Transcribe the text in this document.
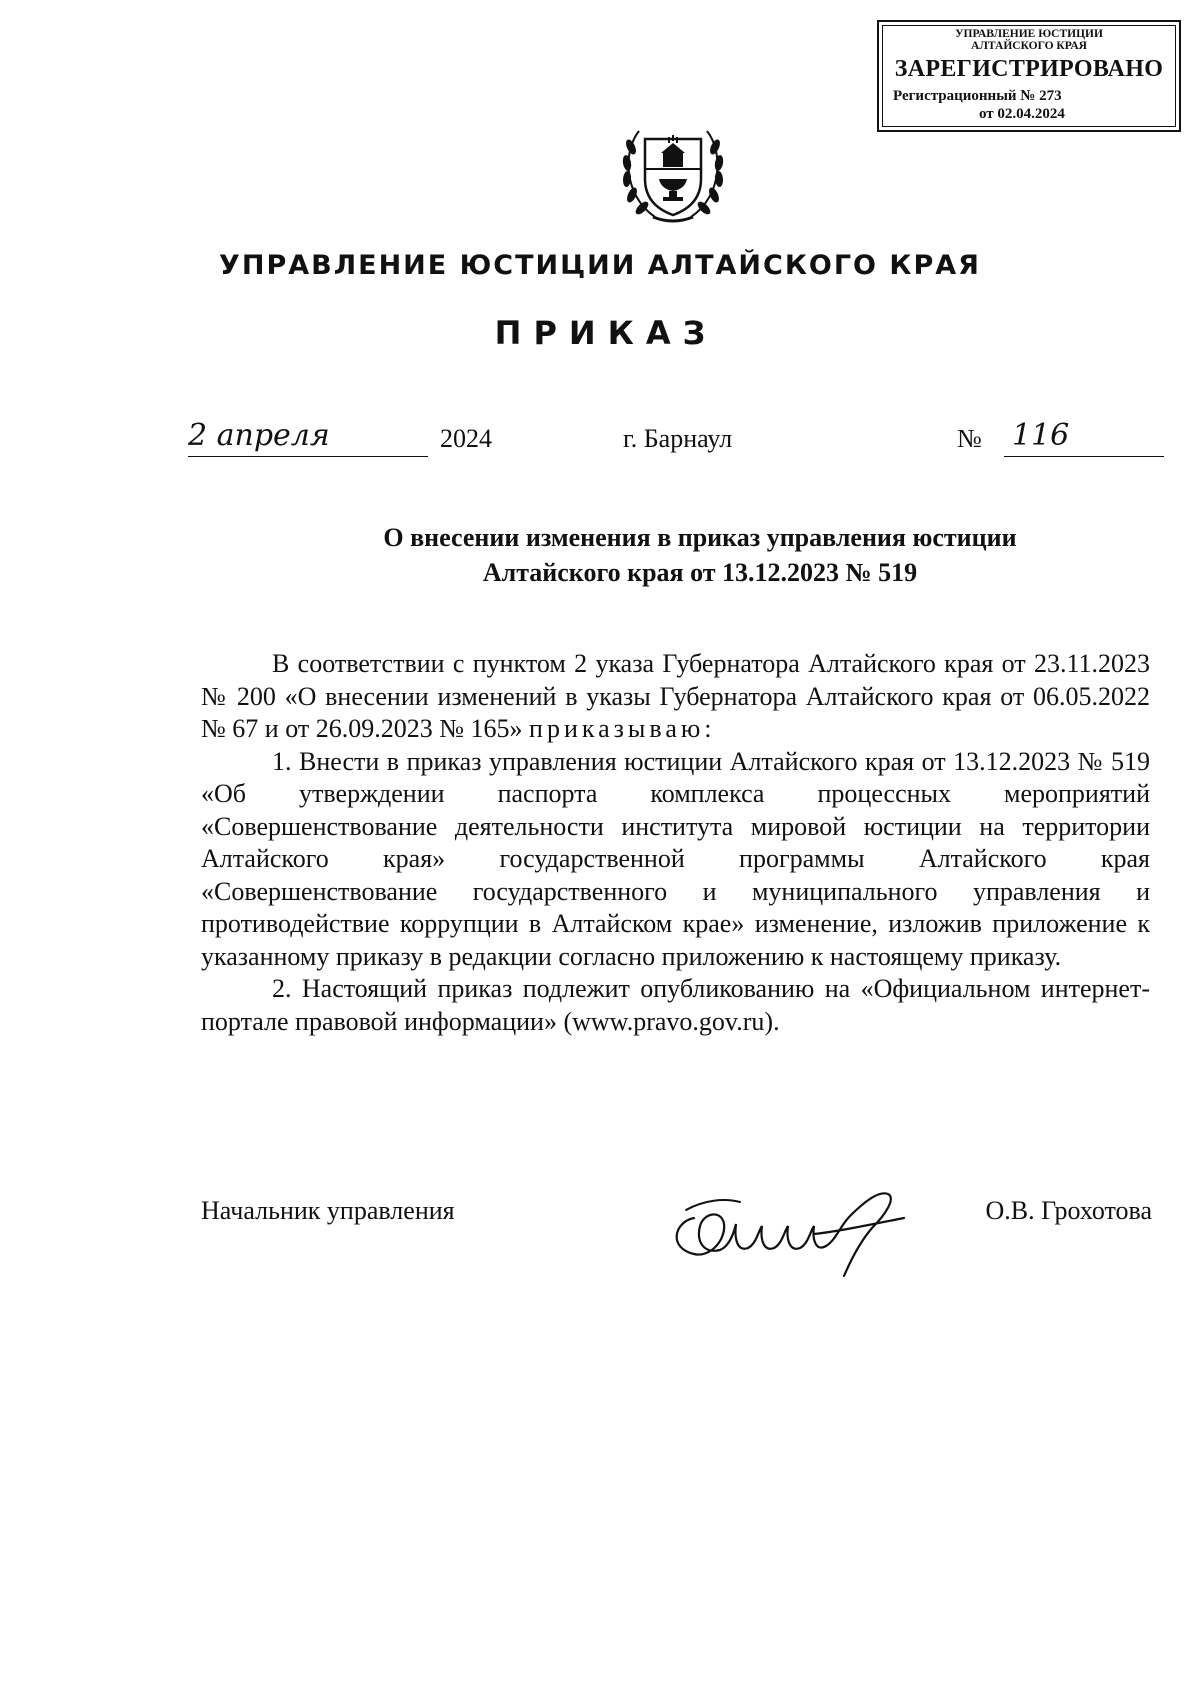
УПРАВЛЕНИЕ ЮСТИЦИИ
АЛТАЙСКОГО КРАЯ
ЗАРЕГИСТРИРОВАНО
Регистрационный № 273
от 02.04.2024
УПРАВЛЕНИЕ ЮСТИЦИИ АЛТАЙСКОГО КРАЯ
ПРИКАЗ
2 апреля	2024	г. Барнаул	№ 116
О внесении изменения в приказ управления юстиции
Алтайского края от 13.12.2023 № 519

В соответствии с пунктом 2 указа Губернатора Алтайского края от 23.11.2023 № 200 «О внесении изменений в указы Губернатора Алтайского края от 06.05.2022 № 67 и от 26.09.2023 № 165» приказываю:

1. Внести в приказ управления юстиции Алтайского края от 13.12.2023 № 519 «Об утверждении паспорта комплекса процессных мероприятий «Совершенствование деятельности института мировой юстиции на территории Алтайского края» государственной программы Алтайского края «Совершенствование государственного и муниципального управления и противодействие коррупции в Алтайском крае» изменение, изложив приложение к указанному приказу в редакции согласно приложению к настоящему приказу.

2. Настоящий приказ подлежит опубликованию на «Официальном интернет-портале правовой информации» (www.pravo.gov.ru).

Начальник управления	О.В. Грохотова
